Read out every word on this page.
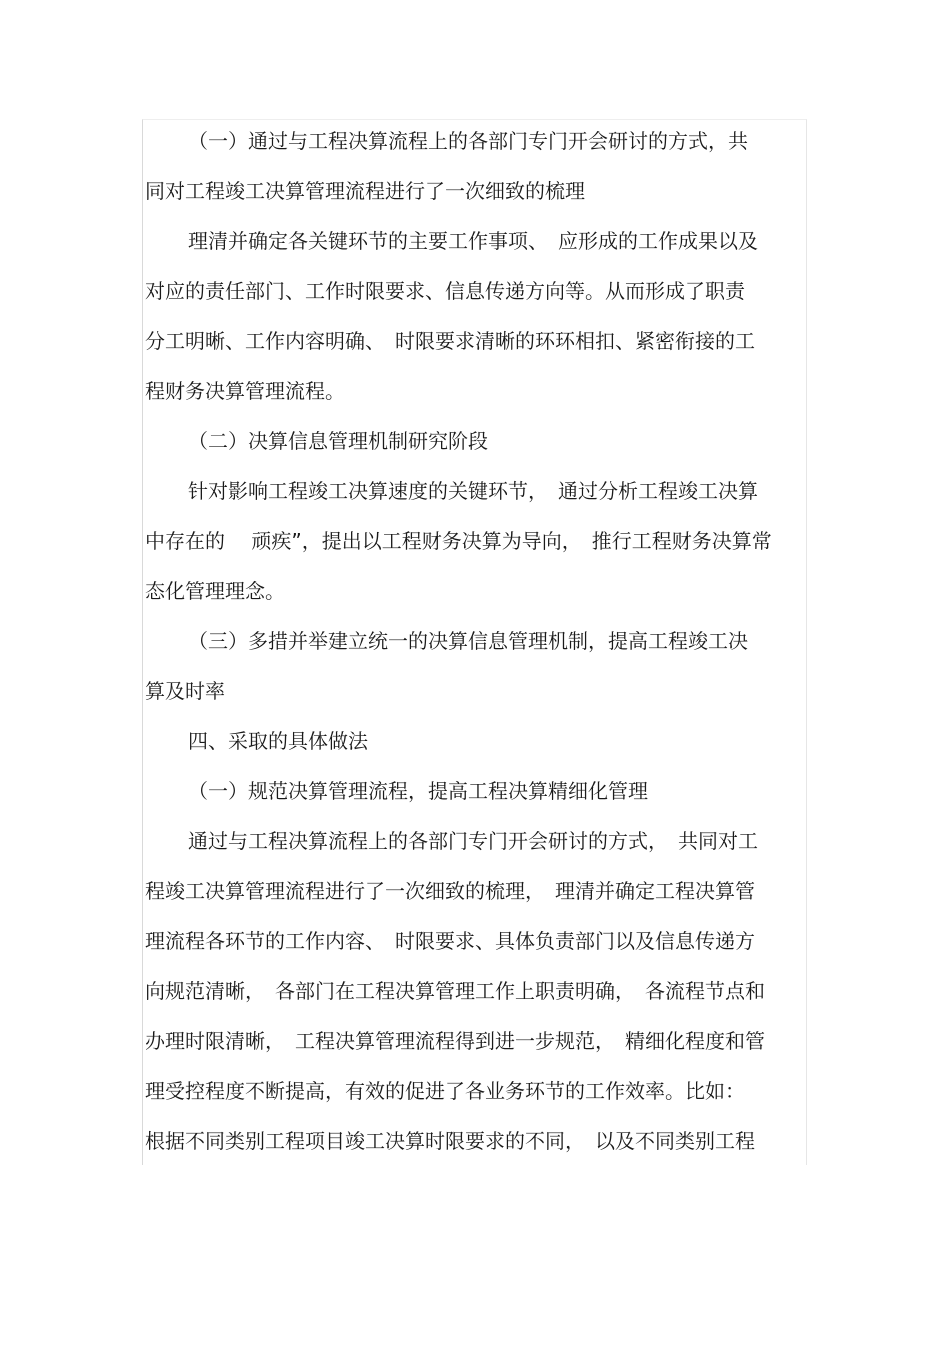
（一）通过与工程决算流程上的各部门专门开会研讨的方式，共
同对工程竣工决算管理流程进行了一次细致的梳理
理清并确定各关键环节的主要工作事项、　应形成的工作成果以及
对应的责任部门、工作时限要求、信息传递方向等。从而形成了职责
分工明晰、工作内容明确、　时限要求清晰的环环相扣、紧密衔接的工
程财务决算管理流程。
（二）决算信息管理机制研究阶段
针对影响工程竣工决算速度的关键环节，　通过分析工程竣工决算
中存在的　 顽疾”，提出以工程财务决算为导向，　推行工程财务决算常
态化管理理念。
（三）多措并举建立统一的决算信息管理机制，提高工程竣工决
算及时率
四、采取的具体做法
（一）规范决算管理流程，提高工程决算精细化管理
通过与工程决算流程上的各部门专门开会研讨的方式，　共同对工
程竣工决算管理流程进行了一次细致的梳理，　理清并确定工程决算管
理流程各环节的工作内容、　时限要求、具体负责部门以及信息传递方
向规范清晰，　各部门在工程决算管理工作上职责明确，　各流程节点和
办理时限清晰，　工程决算管理流程得到进一步规范，　精细化程度和管
理受控程度不断提高，有效的促进了各业务环节的工作效率。比如：
根据不同类别工程项目竣工决算时限要求的不同，　以及不同类别工程
